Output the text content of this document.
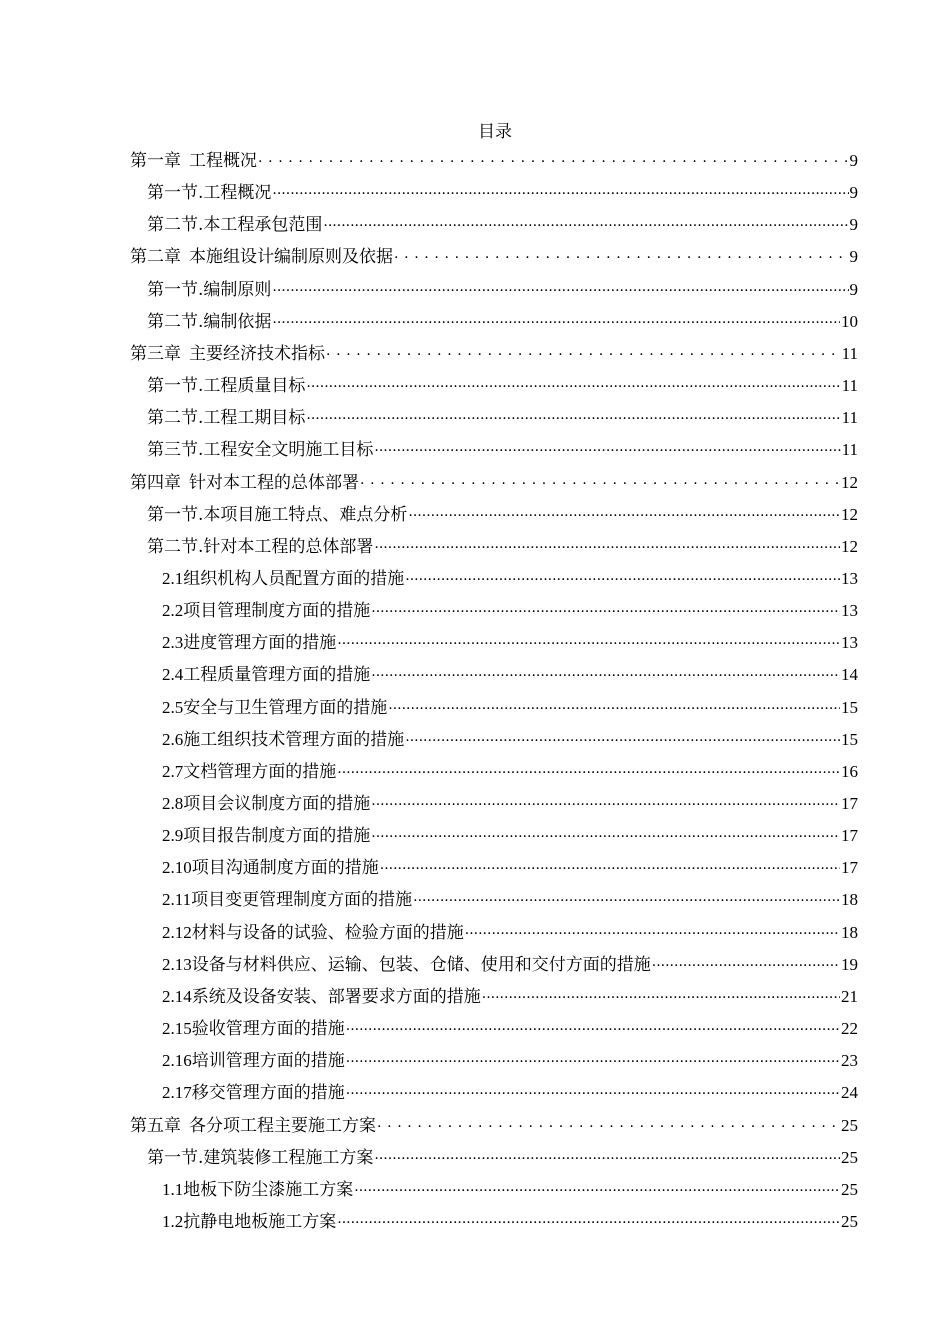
目录
第一章 工程概况 . . .	9
第一节. 工程概况 .....	9
第二节. 本工程承包范围 .....	9
第二章 本施组设计编制原则及依据 . . .	9
第一节. 编制原则 .....	9
第二节. 编制依据 .....	10
第三章 主要经济技术指标 . . .	11
第一节. 工程质量目标 .....	11
第二节. 工程工期目标 .....	11
第三节. 工程安全文明施工目标 .....	11
第四章 针对本工程的总体部署 . . .	12
第一节. 本项目施工特点、难点分析 .....	12
第二节. 针对本工程的总体部署 .....	12
2.1 组织机构人员配置方面的措施 .....	13
2.2 项目管理制度方面的措施 .....	13
2.3 进度管理方面的措施 .....	13
2.4 工程质量管理方面的措施 .....	14
2.5 安全与卫生管理方面的措施 .....	15
2.6 施工组织技术管理方面的措施 .....	15
2.7 文档管理方面的措施 .....	16
2.8 项目会议制度方面的措施 .....	17
2.9 项目报告制度方面的措施 .....	17
2.10 项目沟通制度方面的措施 .....	17
2.11 项目变更管理制度方面的措施 .....	18
2.12 材料与设备的试验、检验方面的措施 .....	18
2.13 设备与材料供应、运输、包装、仓储、使用和交付方面的措施 .....	19
2.14 系统及设备安装、部署要求方面的措施 .....	21
2.15 验收管理方面的措施 .....	22
2.16 培训管理方面的措施 .....	23
2.17 移交管理方面的措施 .....	24
第五章 各分项工程主要施工方案 . . .	25
第一节. 建筑装修工程施工方案 .....	25
1.1 地板下防尘漆施工方案 .....	25
1.2 抗静电地板施工方案 .....	25
